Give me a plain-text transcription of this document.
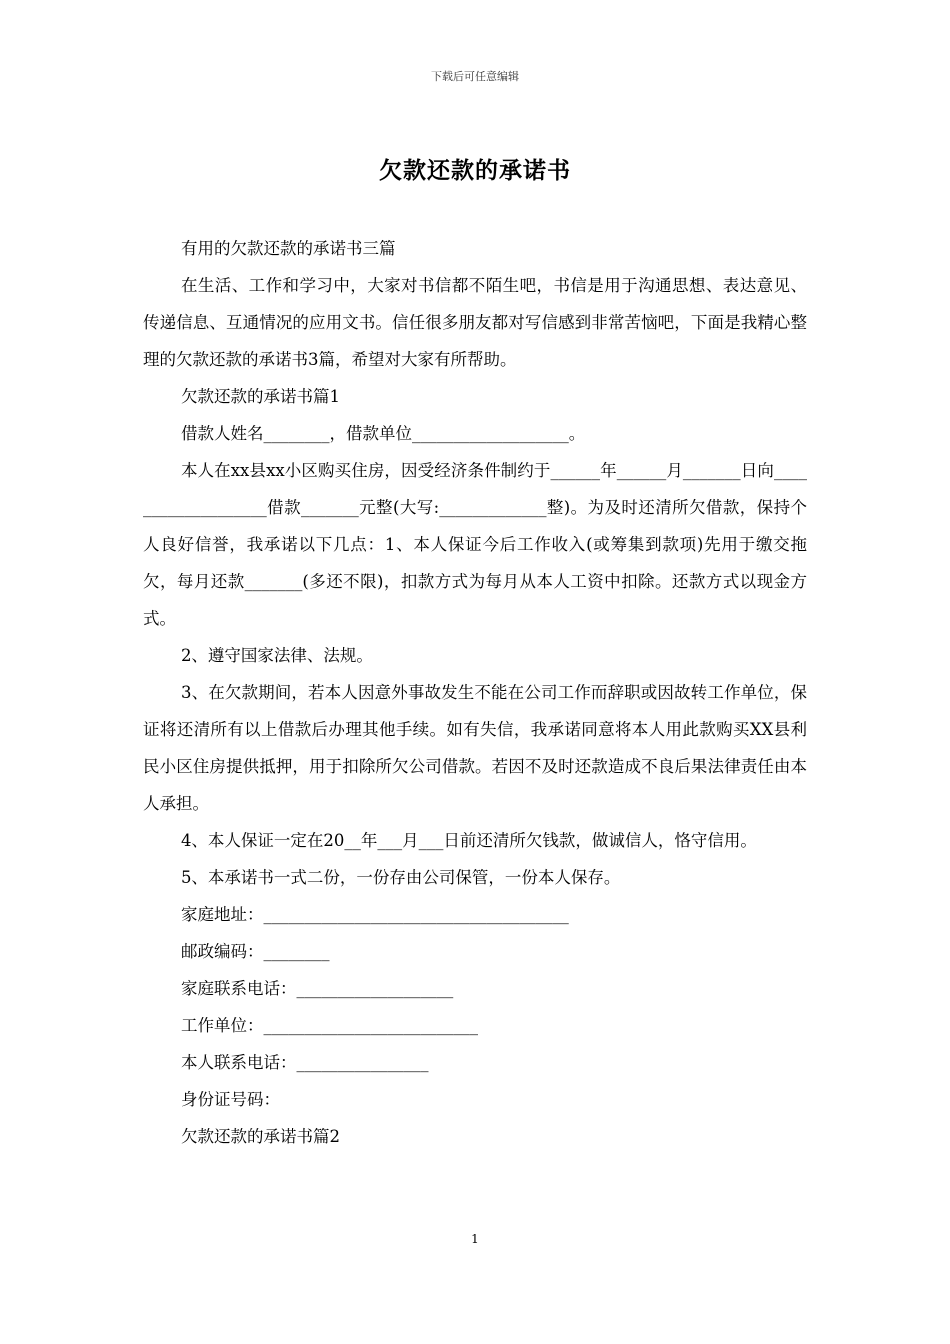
下载后可任意编辑
欠款还款的承诺书

有用的欠款还款的承诺书三篇

在生活、工作和学习中，大家对书信都不陌生吧，书信是用于沟通思想、表达意见、传递信息、互通情况的应用文书。信任很多朋友都对写信感到非常苦恼吧，下面是我精心整理的欠款还款的承诺书3篇，希望对大家有所帮助。

欠款还款的承诺书篇1

借款人姓名________，借款单位___________________。

本人在xx县xx小区购买住房，因受经济条件制约于______年______月_______日向___________________借款_______元整(大写:_____________整)。为及时还清所欠借款，保持个人良好信誉，我承诺以下几点：1、本人保证今后工作收入(或筹集到款项)先用于缴交拖欠，每月还款_______(多还不限)，扣款方式为每月从本人工资中扣除。还款方式以现金方式。

2、遵守国家法律、法规。

3、在欠款期间，若本人因意外事故发生不能在公司工作而辞职或因故转工作单位，保证将还清所有以上借款后办理其他手续。如有失信，我承诺同意将本人用此款购买XX县利民小区住房提供抵押，用于扣除所欠公司借款。若因不及时还款造成不良后果法律责任由本人承担。

4、本人保证一定在20__年___月___日前还清所欠钱款，做诚信人，恪守信用。

5、本承诺书一式二份，一份存由公司保管，一份本人保存。

家庭地址：_____________________________________

邮政编码：________

家庭联系电话：___________________

工作单位：__________________________

本人联系电话：________________

身份证号码：

欠款还款的承诺书篇2

1
